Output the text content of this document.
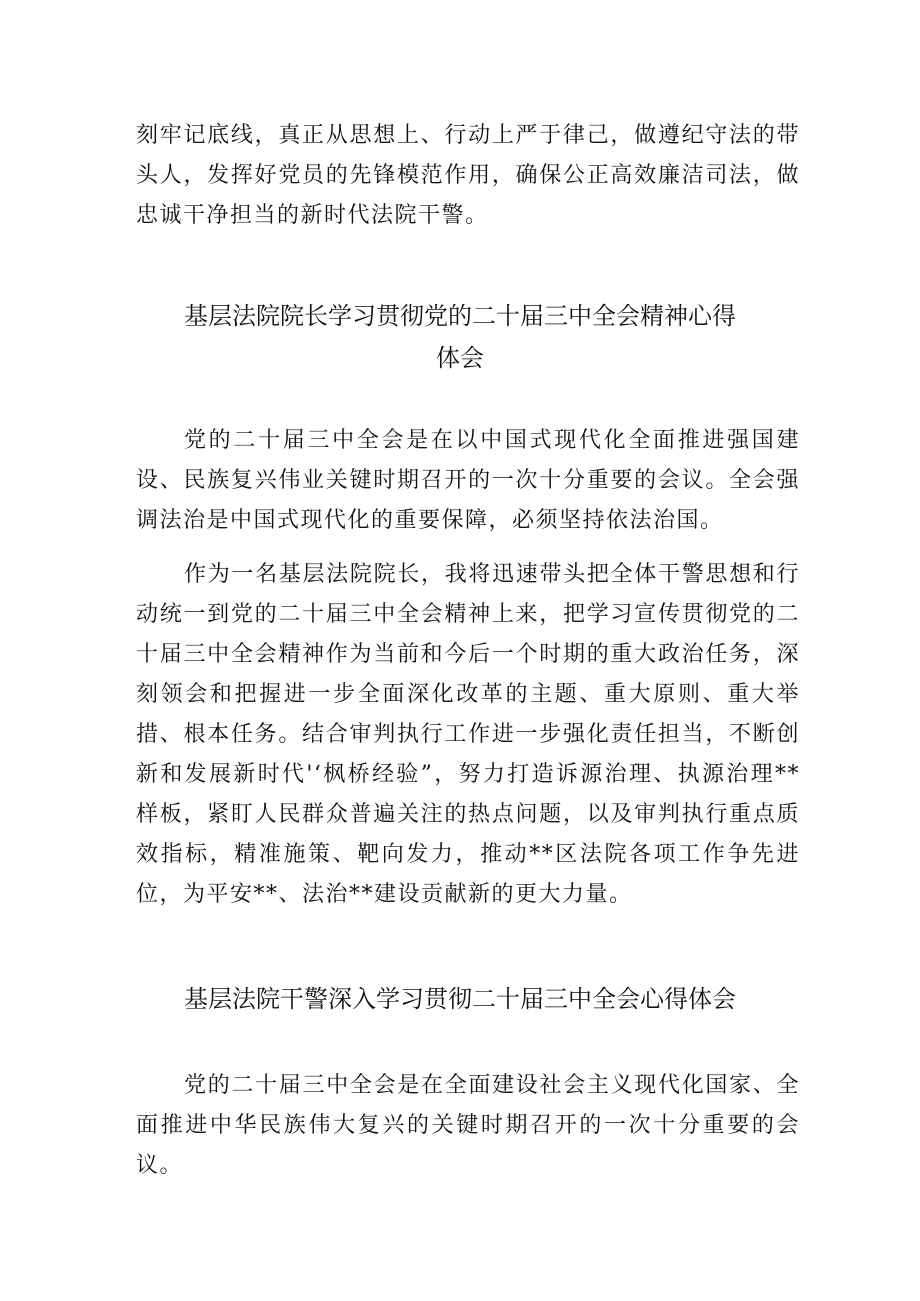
刻牢记底线，真正从思想上、行动上严于律己，做遵纪守法的带头人，发挥好党员的先锋模范作用，确保公正高效廉洁司法，做忠诚干净担当的新时代法院干警。

基层法院院长学习贯彻党的二十届三中全会精神心得
体会

党的二十届三中全会是在以中国式现代化全面推进强国建设、民族复兴伟业关键时期召开的一次十分重要的会议。全会强调法治是中国式现代化的重要保障，必须坚持依法治国。

作为一名基层法院院长，我将迅速带头把全体干警思想和行动统一到党的二十届三中全会精神上来，把学习宣传贯彻党的二十届三中全会精神作为当前和今后一个时期的重大政治任务，深刻领会和把握进一步全面深化改革的主题、重大原则、重大举措、根本任务。结合审判执行工作进一步强化责任担当，不断创新和发展新时代'‘枫桥经验”，努力打造诉源治理、执源治理**样板，紧盯人民群众普遍关注的热点问题，以及审判执行重点质效指标，精准施策、靶向发力，推动**区法院各项工作争先进位，为平安**、法治**建设贡献新的更大力量。

基层法院干警深入学习贯彻二十届三中全会心得体会

党的二十届三中全会是在全面建设社会主义现代化国家、全面推进中华民族伟大复兴的关键时期召开的一次十分重要的会议。
